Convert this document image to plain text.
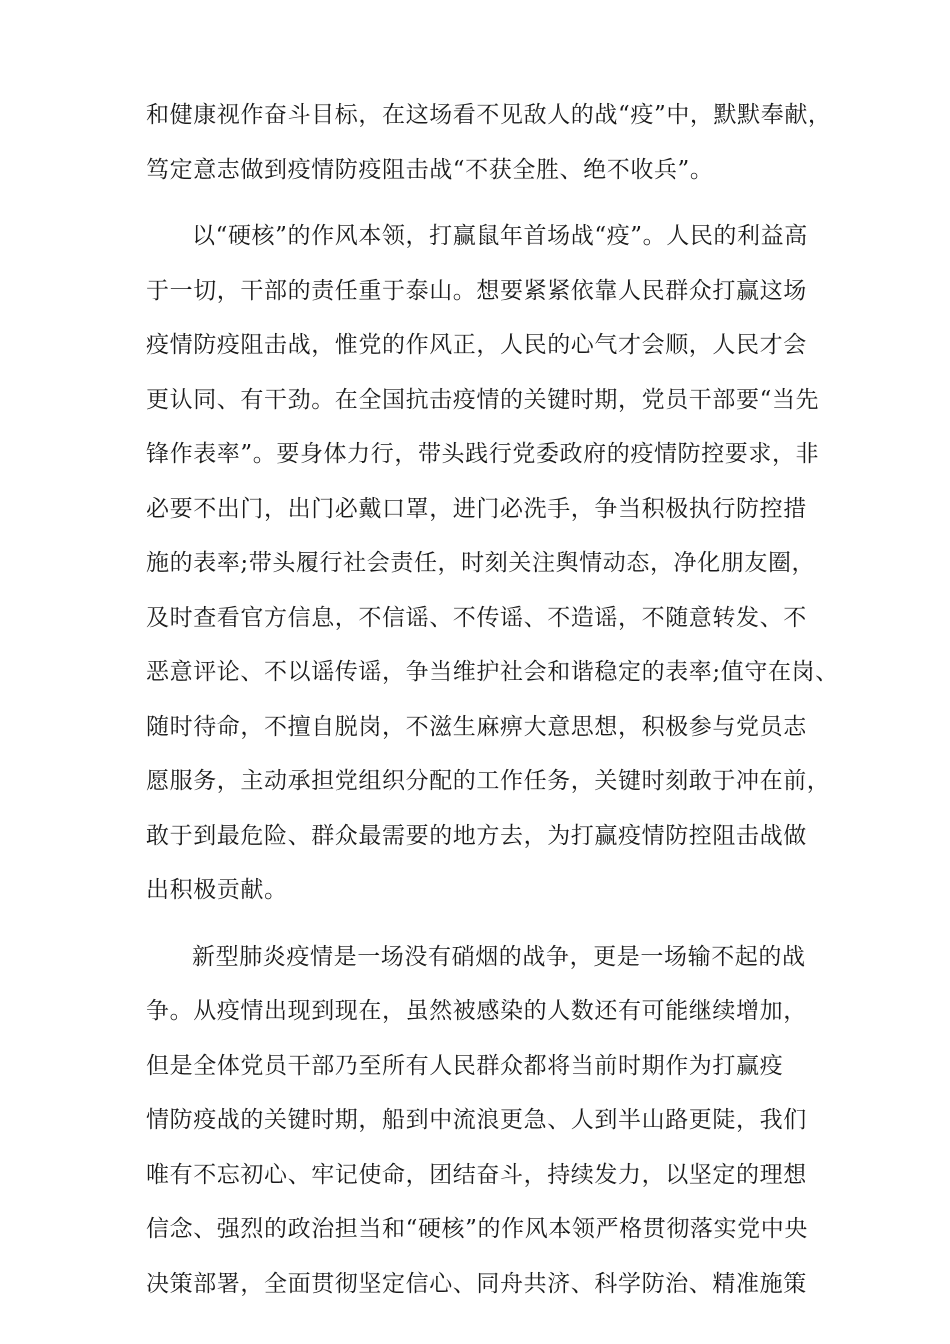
和健康视作奋斗目标，在这场看不见敌人的战“疫”中，默默奉献，
笃定意志做到疫情防疫阻击战“不获全胜、绝不收兵”。
以“硬核”的作风本领，打赢鼠年首场战“疫”。人民的利益高
于一切，干部的责任重于泰山。想要紧紧依靠人民群众打赢这场
疫情防疫阻击战，惟党的作风正，人民的心气才会顺，人民才会
更认同、有干劲。在全国抗击疫情的关键时期，党员干部要“当先
锋作表率”。要身体力行，带头践行党委政府的疫情防控要求，非
必要不出门，出门必戴口罩，进门必洗手，争当积极执行防控措
施的表率;带头履行社会责任，时刻关注舆情动态，净化朋友圈，
及时查看官方信息，不信谣、不传谣、不造谣，不随意转发、不
恶意评论、不以谣传谣，争当维护社会和谐稳定的表率;值守在岗、
随时待命，不擅自脱岗，不滋生麻痹大意思想，积极参与党员志
愿服务，主动承担党组织分配的工作任务，关键时刻敢于冲在前，
敢于到最危险、群众最需要的地方去，为打赢疫情防控阻击战做
出积极贡献。
新型肺炎疫情是一场没有硝烟的战争，更是一场输不起的战
争。从疫情出现到现在，虽然被感染的人数还有可能继续增加，
但是全体党员干部乃至所有人民群众都将当前时期作为打赢疫
情防疫战的关键时期，船到中流浪更急、人到半山路更陡，我们
唯有不忘初心、牢记使命，团结奋斗，持续发力，以坚定的理想
信念、强烈的政治担当和“硬核”的作风本领严格贯彻落实党中央
决策部署，全面贯彻坚定信心、同舟共济、科学防治、精准施策
